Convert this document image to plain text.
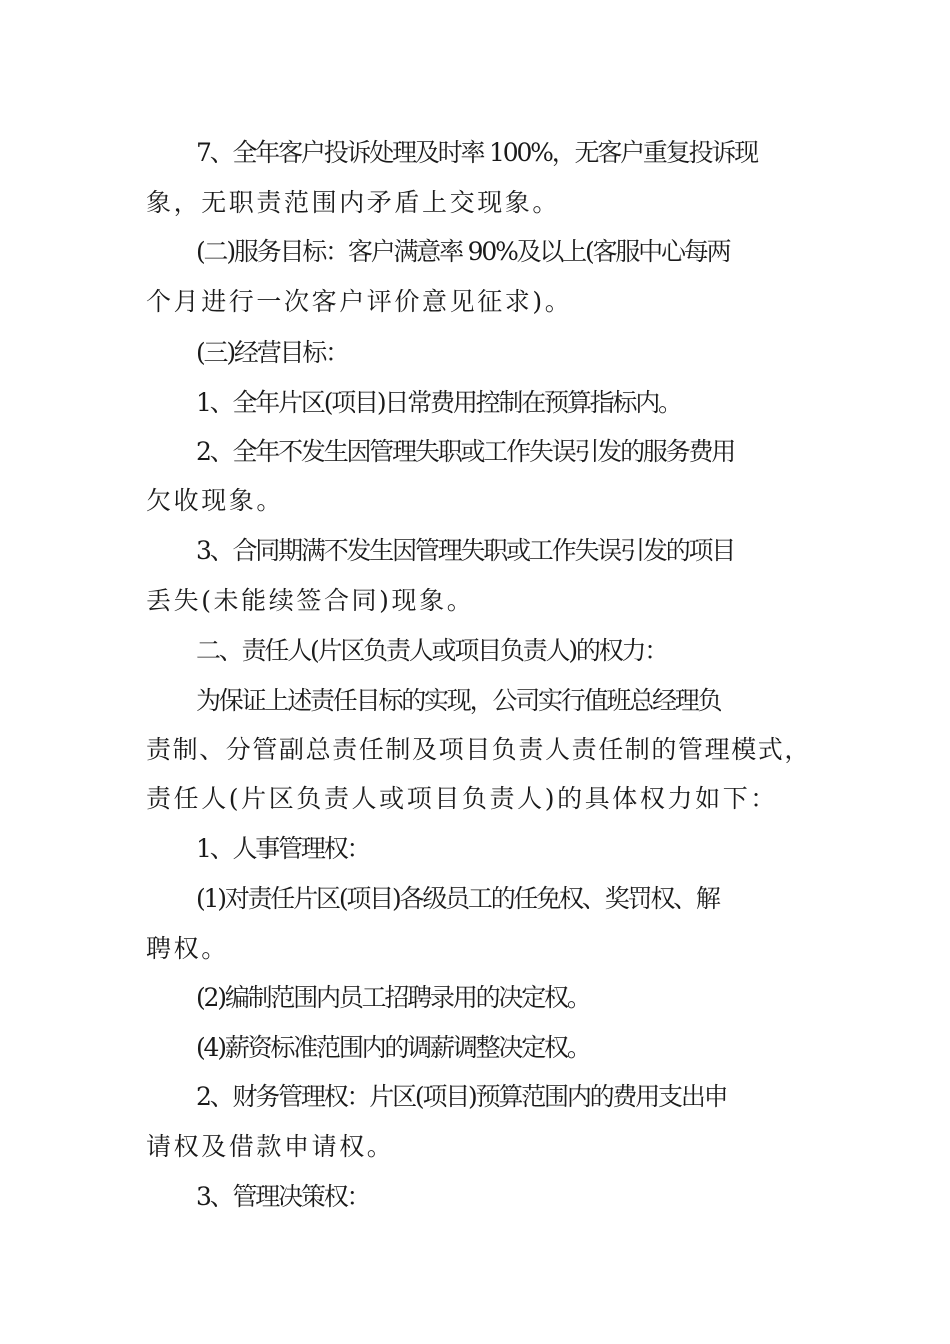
7、全年客户投诉处理及时率 100%，无客户重复投诉现
象，无职责范围内矛盾上交现象。
(二)服务目标：客户满意率 90%及以上(客服中心每两
个月进行一次客户评价意见征求)。
(三)经营目标：
1、全年片区(项目)日常费用控制在预算指标内。
2、全年不发生因管理失职或工作失误引发的服务费用
欠收现象。
3、合同期满不发生因管理失职或工作失误引发的项目
丢失(未能续签合同)现象。
二、责任人(片区负责人或项目负责人)的权力：
为保证上述责任目标的实现，公司实行值班总经理负
责制、分管副总责任制及项目负责人责任制的管理模式，
责任人(片区负责人或项目负责人)的具体权力如下：
1、人事管理权：
(1)对责任片区(项目)各级员工的任免权、奖罚权、解
聘权。
(2)编制范围内员工招聘录用的决定权。
(4)薪资标准范围内的调薪调整决定权。
2、财务管理权：片区(项目)预算范围内的费用支出申
请权及借款申请权。
3、管理决策权：
